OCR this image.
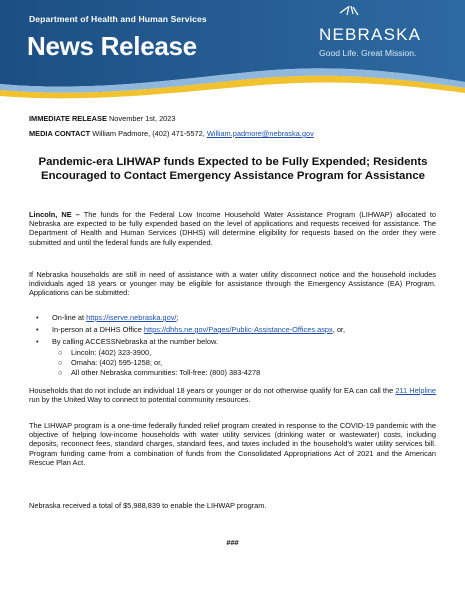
Department of Health and Human Services
News Release	NEBRASKA
Good Life. Great Mission.
IMMEDIATE RELEASE November 1st, 2023
MEDIA CONTACT William Padmore, (402) 471-5572, William.padmore@nebraska.gov
Pandemic-era LIHWAP funds Expected to be Fully Expended; Residents Encouraged to Contact Emergency Assistance Program for Assistance
Lincoln, NE – The funds for the Federal Low Income Household Water Assistance Program (LIHWAP) allocated to Nebraska are expected to be fully expended based on the level of applications and requests received for assistance. The Department of Health and Human Services (DHHS) will determine eligibility for requests based on the order they were submitted and until the federal funds are fully expended.
If Nebraska households are still in need of assistance with a water utility disconnect notice and the household includes individuals aged 18 years or younger may be eligible for assistance through the Emergency Assistance (EA) Program. Applications can be submitted:
• On-line at https://iserve.nebraska.gov/;
• In-person at a DHHS Office https://dhhs.ne.gov/Pages/Public-Assistance-Offices.aspx, or,
• By calling ACCESSNebraska at the number below.
○ Lincoln: (402) 323-3900,
○ Omaha: (402) 595-1258; or,
○ All other Nebraska communities: Toll-free: (800) 383-4278
Households that do not include an individual 18 years or younger or do not otherwise qualify for EA can call the 211 Helpline run by the United Way to connect to potential community resources.
The LIHWAP program is a one-time federally funded relief program created in response to the COVID-19 pandemic with the objective of helping low-income households with water utility services (drinking water or wastewater) costs, including deposits, reconnect fees, standard charges, standard fees, and taxes included in the household's water utility services bill. Program funding came from a combination of funds from the Consolidated Appropriations Act of 2021 and the American Rescue Plan Act.
Nebraska received a total of $5,988,839 to enable the LIHWAP program.
###
